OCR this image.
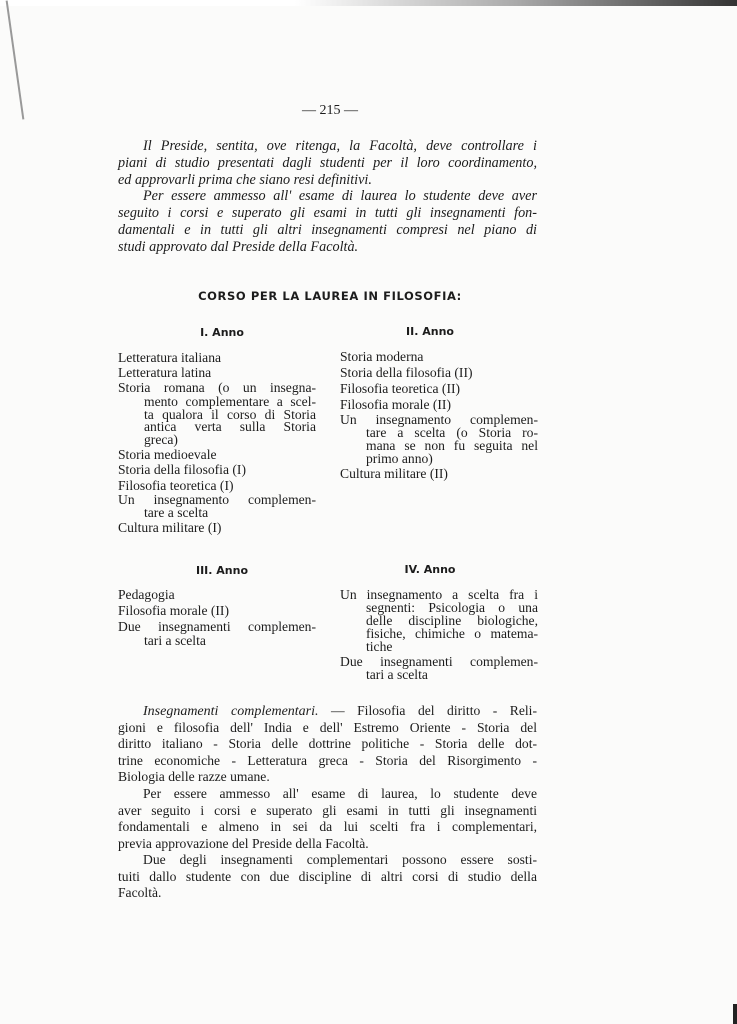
— 215 —
CORSO PER LA LAUREA IN FILOSOFIA:
Il Preside, sentita, ove ritenga, la Facoltà, deve controllare i
piani di studio presentati dagli studenti per il loro coordinamento,
ed approvarli prima che siano resi definitivi.
Per essere ammesso all' esame di laurea lo studente deve aver
seguito i corsi e superato gli esami in tutti gli insegnamenti fon-
damentali e in tutti gli altri insegnamenti compresi nel piano di
studi approvato dal Preside della Facoltà.
I. Anno
Letteratura italiana
Letteratura latina
Storia romana (o un insegna-
mento complementare a scel-
ta qualora il corso di Storia
antica verta sulla Storia
greca)
Storia medioevale
Storia della filosofia (I)
Filosofia teoretica (I)
Un insegnamento complemen-
tare a scelta
Cultura militare (I)
II. Anno
Storia moderna
Storia della filosofia (II)
Filosofia teoretica (II)
Filosofia morale (II)
Un insegnamento complemen-
tare a scelta (o Storia ro-
mana se non fu seguita nel
primo anno)
Cultura militare (II)
III. Anno
Pedagogia
Filosofia morale (II)
Due insegnamenti complemen-
tari a scelta
IV. Anno
Un insegnamento a scelta fra i
segnenti: Psicologia o una
delle discipline biologiche,
fisiche, chimiche o matema-
tiche
Due insegnamenti complemen-
tari a scelta
Insegnamenti complementari. — Filosofia del diritto - Reli-
gioni e filosofia dell' India e dell' Estremo Oriente - Storia del
diritto italiano - Storia delle dottrine politiche - Storia delle dot-
trine economiche - Letteratura greca - Storia del Risorgimento -
Biologia delle razze umane.
Per essere ammesso all' esame di laurea, lo studente deve
aver seguito i corsi e superato gli esami in tutti gli insegnamenti
fondamentali e almeno in sei da lui scelti fra i complementari,
previa approvazione del Preside della Facoltà.
Due degli insegnamenti complementari possono essere sosti-
tuiti dallo studente con due discipline di altri corsi di studio della
Facoltà.
